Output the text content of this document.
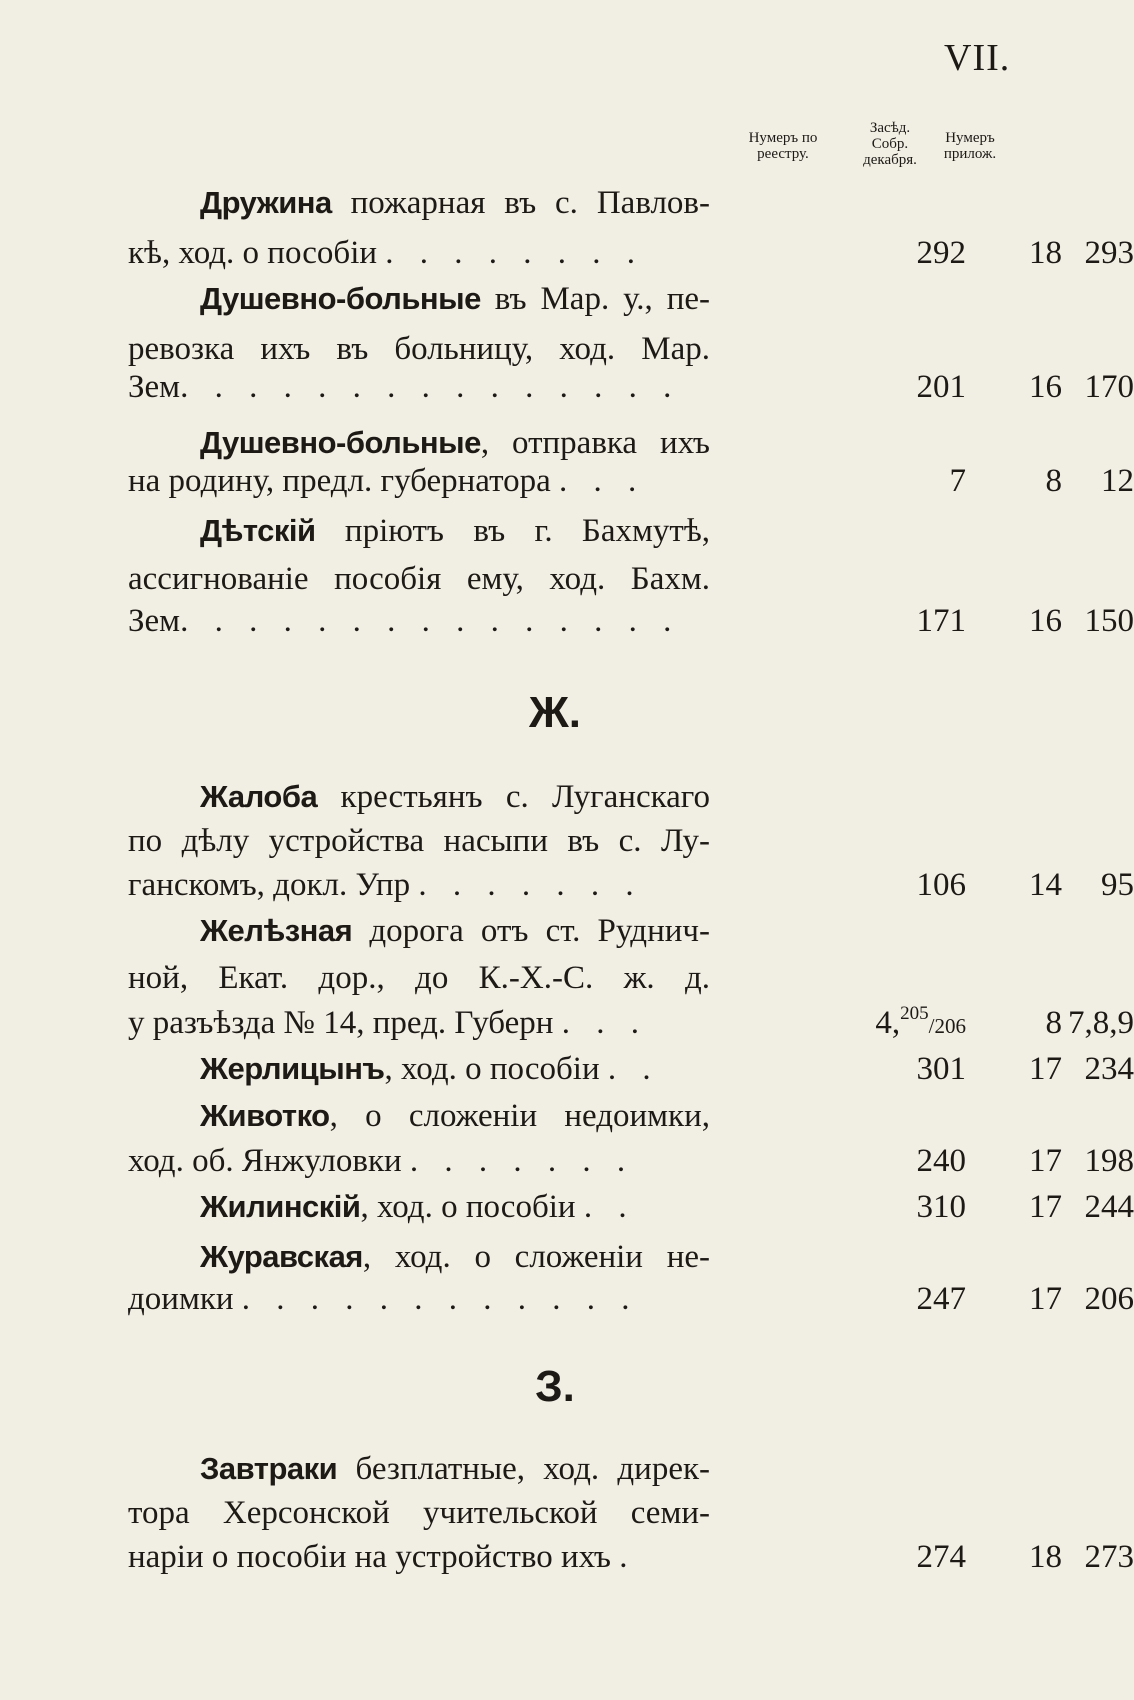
VII.
Нумеръ по
реестру.
Засѣд. Собр.
декабря.
Нумеръ
прилож.
Дружина пожарная въ с. Павлов-
кѣ, ход. о пособіи . . . . . . . .	292	18 293
Душевно-больные въ Мар. у., пе-
ревозка ихъ въ больницу, ход. Мар.
Зем. . . . . . . . . . . . . . .	201	16 170
Душевно-больные, отправка ихъ
на родину, предл. губернатора . . .	7	8	12
Дѣтскій пріютъ въ г. Бахмутѣ,
ассигнованіе пособія ему, ход. Бахм.
Зем. . . . . . . . . . . . . . .	171	16 150
Ж.
Жалоба крестьянъ с. Луганскаго
по дѣлу устройства насыпи въ с. Лу-
ганскомъ, докл. Упр . . . . . . .	106	14	95
Желѣзная дорога отъ ст. Руднич-
ной, Екат. дор., до К.-Х.-С. ж. д.
у разъѣзда № 14, пред. Губерн . . .	4,$^{205}$/206	8 7,8,9
Жерлицынъ, ход. о пособіи . .	301	17 234
Животко, о сложеніи недоимки,
ход. об. Янжуловки . . . . . . .	240	17 198
Жилинскій, ход. о пособіи . .	310	17 244
Журавская, ход. о сложеніи не-
доимки . . . . . . . . . . . .	247	17 206
З.
Завтраки безплатные, ход. дирек-
тора Херсонской учительской семи-
наріи о пособіи на устройство ихъ .	274	18 273
